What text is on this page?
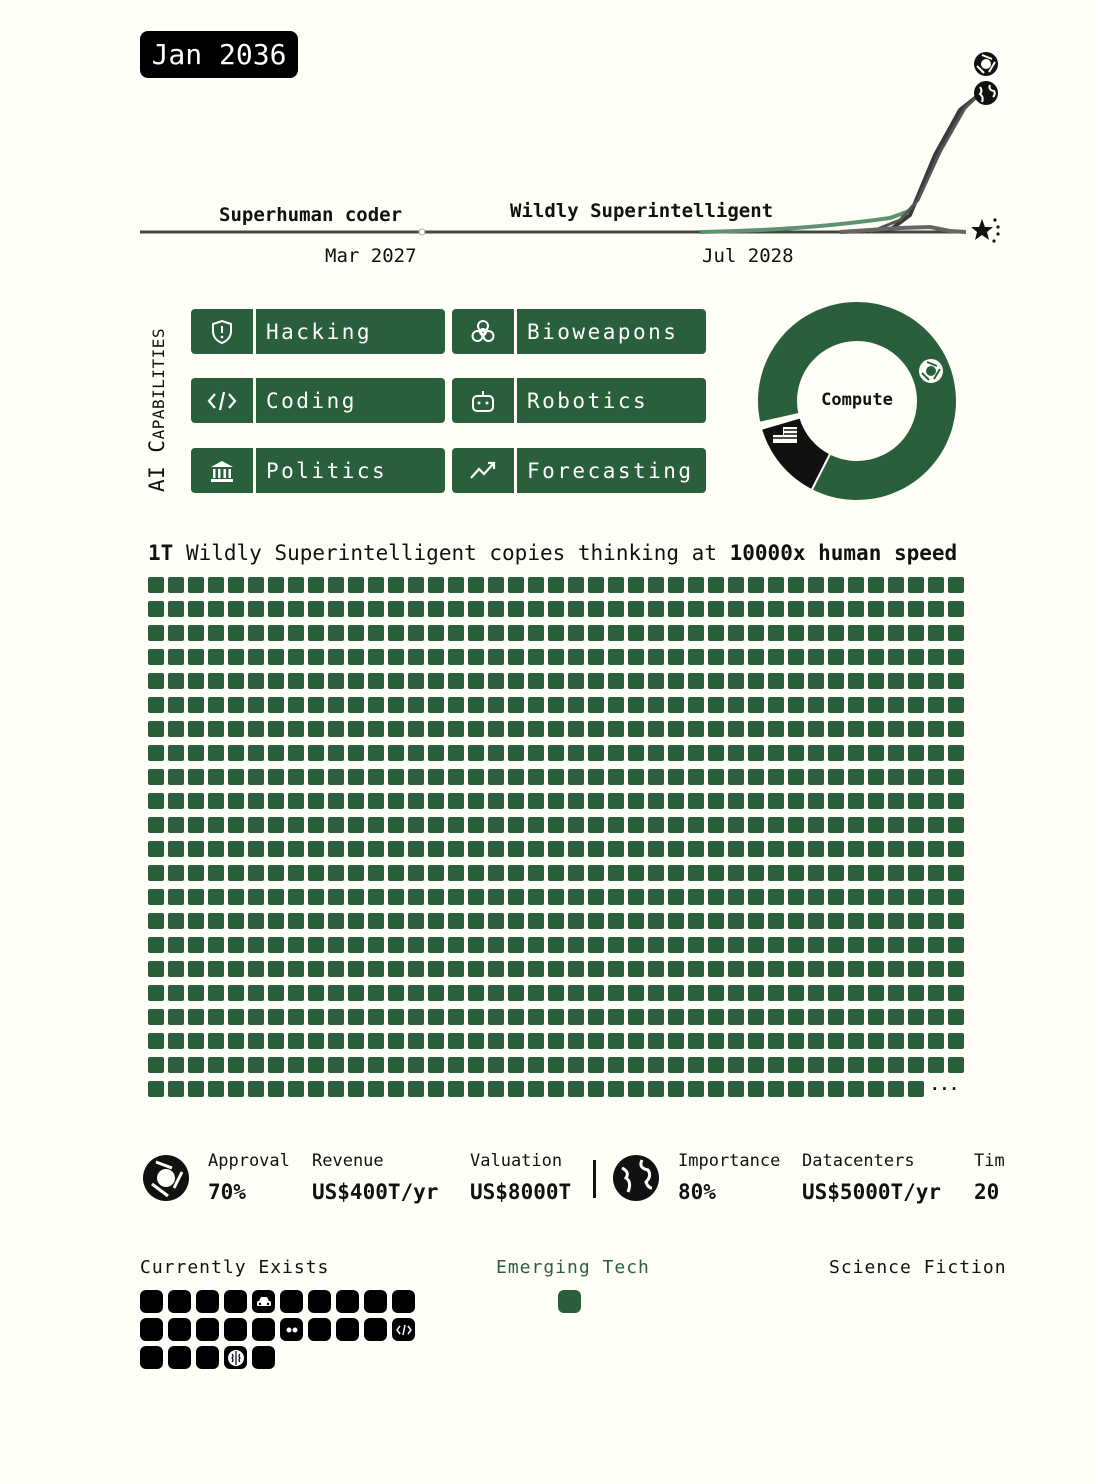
Jan 2036
Superhuman coder
Mar 2027
Wildly Superintelligent
Jul 2028
AI CAPABILITIES	Hacking	Bioweapons
Coding	Robotics
Politics	Forecasting
Compute
1T Wildly Superintelligent copies thinking at 10000x human speed
...
Approval
70%
Revenue
US$400T/yr
Valuation
US$8000T
Importance
80%
Datacenters
US$5000T/yr
Tim
20
Currently Exists	Emerging Tech	Science Fiction
